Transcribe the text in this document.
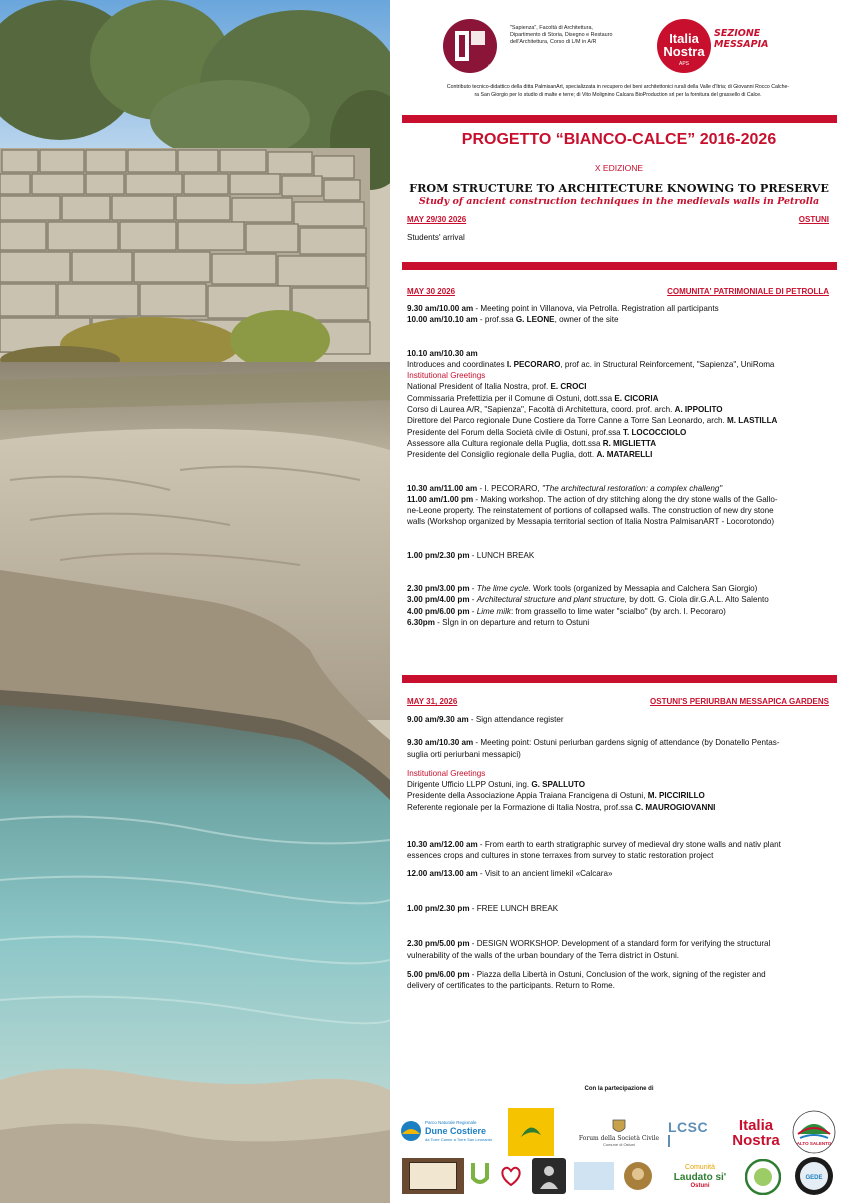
S
"Sapienza", Facoltà di Architettura, Dipartimento di Storia, Disegno e Restauro dell'Architettura, Corso di L/M in A/R	Italia
Nostra
APS
SEZIONE
MESSAPIA
Contributo tecnico-didattico della ditta PalmisanArt, specializzata in recupero dei beni architettonici rurali della Valle d'Itria; di Giovanni Rocco Calche-
ra San Giorgio per lo studio di malte e terre; di Vito Molignino Calcara BioProduction srl per la fornitura del grassello di Calce.
PROGETTO “BIANCO-CALCE” 2016-2026
X EDIZIONE
FROM STRUCTURE TO ARCHITECTURE KNOWING TO PRESERVE
Study of ancient construction techniques in the medievals walls in Petrolla
MAY 29/30 2026	OSTUNI
Students' arrival
MAY 30 2026	COMUNITA' PATRIMONIALE DI PETROLLA
9.30 am/10.00 am - Meeting point in Villanova, via Petrolla. Registration all participants
10.00 am/10.10 am - prof.ssa G. LEONE, owner of the site
10.10 am/10.30 am
Introduces and coordinates I. PECORARO, prof ac. in Structural Reinforcement, "Sapienza", UniRoma
Institutional Greetings
National President of Italia Nostra, prof. E. CROCI
Commissaria Prefettizia per il Comune di Ostuni, dott.ssa E. CICORIA
Corso di Laurea A/R, "Sapienza", Facoltà di Architettura, coord. prof. arch. A. IPPOLITO
Direttore del Parco regionale Dune Costiere da Torre Canne a Torre San Leonardo, arch. M. LASTILLA
Presidente del Forum della Società civile di Ostuni, prof.ssa T. LOCOCCIOLO
Assessore alla Cultura regionale della Puglia, dott.ssa R. MIGLIETTA
Presidente del Consiglio regionale della Puglia, dott. A. MATARELLI
10.30 am/11.00 am - I. PECORARO, "The architectural restoration: a complex challeng"
11.00 am/1.00 pm - Making workshop. The action of dry stitching along the dry stone walls of the Gallo-
ne-Leone property. The reinstatement of portions of collapsed walls. The construction of new dry stone
walls (Workshop organized by Messapia territorial section of Italia Nostra PalmisanART - Locorotondo)
1.00 pm/2.30 pm - LUNCH BREAK
2.30 pm/3.00 pm - The lime cycle. Work tools (organized by Messapia and Calchera San Giorgio)
3.00 pm/4.00 pm - Architectural structure and plant structure, by dott. G. Ciola dir.G.A.L. Alto Salento
4.00 pm/6.00 pm - Lime milk: from grassello to lime water "scialbo" (by arch. I. Pecoraro)
6.30pm - SÌgn in on departure and return to Ostuni
MAY 31, 2026	OSTUNI'S PERIURBAN MESSAPICA GARDENS
9.00 am/9.30 am - Sign attendance register
9.30 am/10.30 am - Meeting point: Ostuni periurban gardens signig of attendance (by Donatello Pentas-
suglia orti periurbani messapici)
Institutional Greetings
Dirigente Ufficio LLPP Ostuni, ing. G. SPALLUTO
Presidente della Associazione Appia Traiana Francigena di Ostuni, M. PICCIRILLO
Referente regionale per la Formazione di Italia Nostra, prof.ssa C. MAUROGIOVANNI
10.30 am/12.00 am - From earth to earth stratigraphic survey of medieval dry stone walls and nativ plant
essences crops and cultures in stone terraxes from survey to static restoration project
12.00 am/13.00 am - Visit to an ancient limekil «Calcara»
1.00 pm/2.30 pm - FREE LUNCH BREAK
2.30 pm/5.00 pm - DESIGN WORKSHOP. Development of a standard form for verifying the structural
vulnerability of the walls of the urban boundary of the Terra district in Ostuni.
5.00 pm/6.00 pm - Piazza della Libertà in Ostuni, Conclusion of the work, signing of the register and
delivery of certificates to the participants. Return to Rome.
Con la partecipazione di
Parco Naturale Regionale
Dune Costiere
da Torre Canne a Torre San Leonardo	Forum della Società Civile
Comune di Ostuni
LCSC Italia
Nostra	ALTO SALENTO
Comunità
Laudato si'
Ostuni
GEDE
